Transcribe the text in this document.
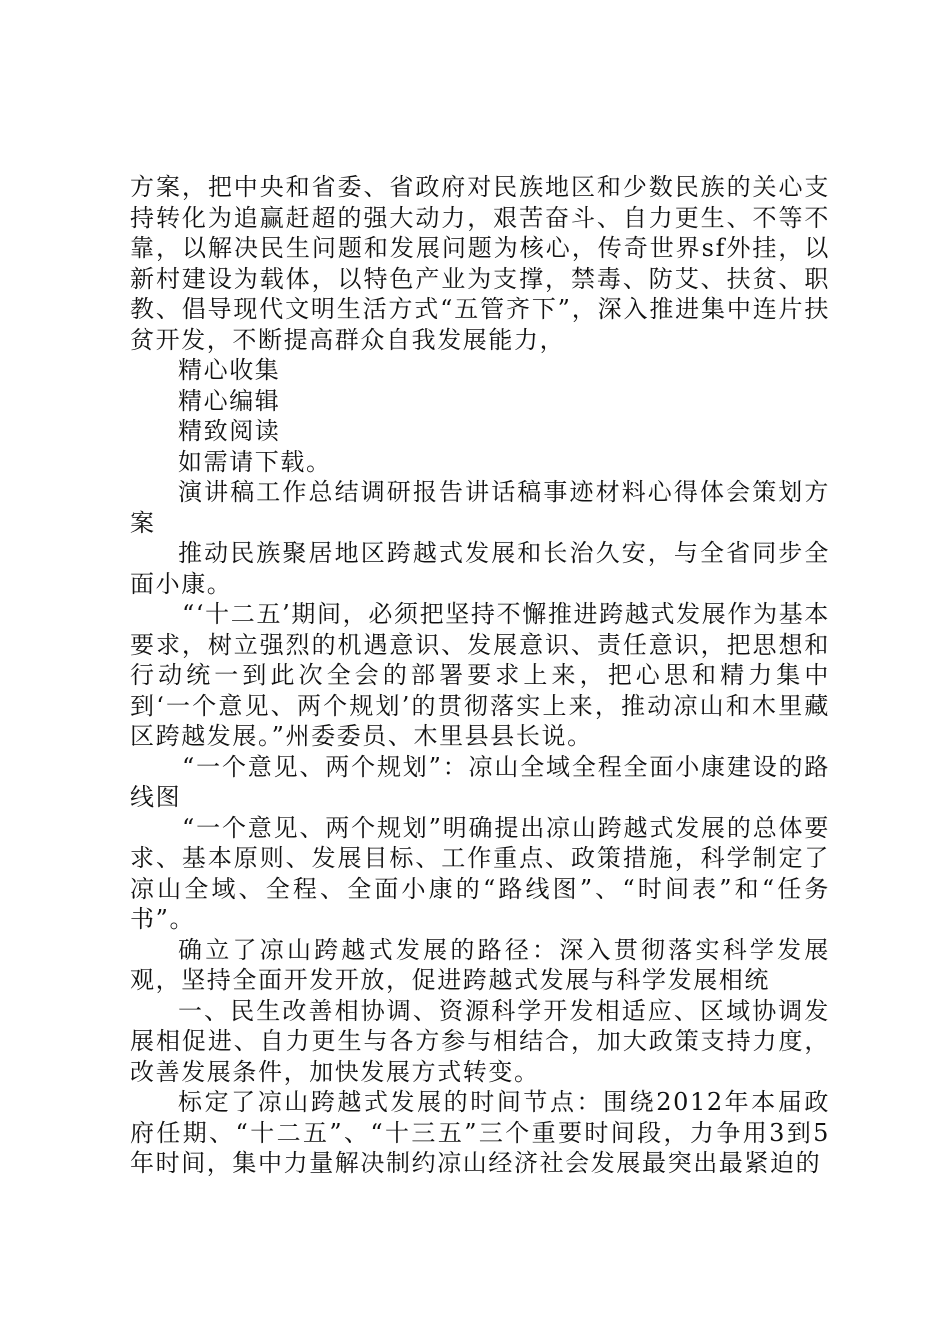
方案，把中央和省委、省政府对民族地区和少数民族的关心支持转化为追赢赶超的强大动力，艰苦奋斗、自力更生、不等不靠，以解决民生问题和发展问题为核心，传奇世界sf外挂，以新村建设为载体，以特色产业为支撑，禁毒、防艾、扶贫、职教、倡导现代文明生活方式“五管齐下”，深入推进集中连片扶贫开发，不断提高群众自我发展能力，

精心收集

精心编辑

精致阅读

如需请下载。

演讲稿工作总结调研报告讲话稿事迹材料心得体会策划方案

推动民族聚居地区跨越式发展和长治久安，与全省同步全面小康。

“‘十二五’期间，必须把坚持不懈推进跨越式发展作为基本要求，树立强烈的机遇意识、发展意识、责任意识，把思想和行动统一到此次全会的部署要求上来，把心思和精力集中到‘一个意见、两个规划’的贯彻落实上来，推动凉山和木里藏区跨越发展。”州委委员、木里县县长说。

“一个意见、两个规划”：凉山全域全程全面小康建设的路线图

“一个意见、两个规划”明确提出凉山跨越式发展的总体要求、基本原则、发展目标、工作重点、政策措施，科学制定了凉山全域、全程、全面小康的“路线图”、“时间表”和“任务书”。

确立了凉山跨越式发展的路径：深入贯彻落实科学发展观，坚持全面开发开放，促进跨越式发展与科学发展相统

一、民生改善相协调、资源科学开发相适应、区域协调发展相促进、自力更生与各方参与相结合，加大政策支持力度，改善发展条件，加快发展方式转变。

标定了凉山跨越式发展的时间节点：围绕2012年本届政府任期、“十二五”、“十三五”三个重要时间段，力争用3到5年时间，集中力量解决制约凉山经济社会发展最突出最紧迫的
